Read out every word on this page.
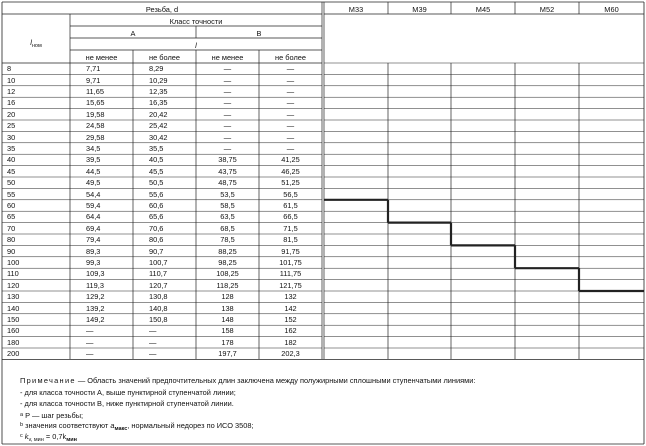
8	7,71	8,29	—	—
10	9,71	10,29	—	—
12	11,65	12,35	—	—
16	15,65	16,35	—	—
20	19,58	20,42	—	—
25	24,58	25,42	—	—
30	29,58	30,42	—	—
35	34,5	35,5	—	—
40	39,5	40,5	38,75	41,25
45	44,5	45,5	43,75	46,25
50	49,5	50,5	48,75	51,25
55	54,4	55,6	53,5	56,5
60	59,4	60,6	58,5	61,5
65	64,4	65,6	63,5	66,5
70	69,4	70,6	68,5	71,5
80	79,4	80,6	78,5	81,5
90	89,3	90,7	88,25	91,75
100	99,3	100,7	98,25	101,75
110	109,3	110,7	108,25	111,75
120	119,3	120,7	118,25	121,75
130	129,2	130,8	128	132
140	139,2	140,8	138	142
150	149,2	150,8	148	152
160	—	—	158	162
180	—	—	178	182
200	—	—	197,7	202,3
Резьба, d
Класс точности
A	B
$l_{ном}$	l
не менее	не более	не менее	не более
M33	M39	M45	M52	M60
Примечание — Область значений предпочтительных длин заключена между полужирными сплошными ступенчатыми линиями:
- для класса точности A, выше пунктирной ступенчатой линии;
- для класса точности B, ниже пунктирной ступенчатой линии.
$^a$ P — шаг резьбы;
$^b$ значения соответствуют $a_{макс}$, нормальный недорез по ИСО 3508;
$^c$ $k_{v, мин} = 0,7k_{мин}$
